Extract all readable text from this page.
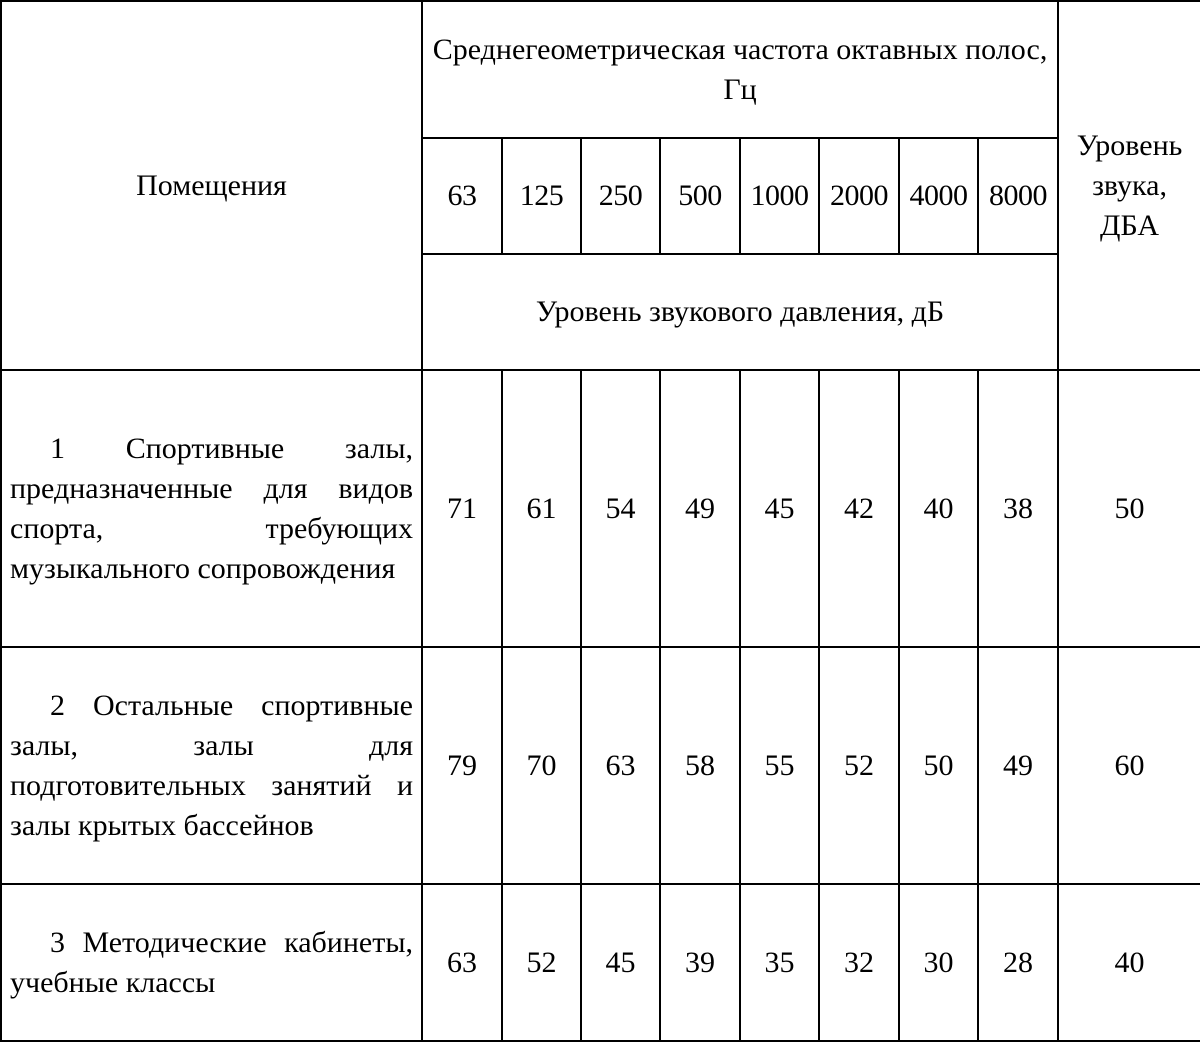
Помещения	Среднегеометрическая частота октавных полос, Гц								Уровень звука, ДБА
	63	125	250	500	1000	2000	4000	8000	
	Уровень звукового давления, дБ								
1 Спортивные залы, предназначенные для видов спорта, требующих музыкального сопровождения	71	61	54	49	45	42	40	38	50
2 Остальные спортивные залы, залы для подготовительных занятий и залы крытых бассейнов	79	70	63	58	55	52	50	49	60
3 Методические кабинеты, учебные классы	63	52	45	39	35	32	30	28	40
